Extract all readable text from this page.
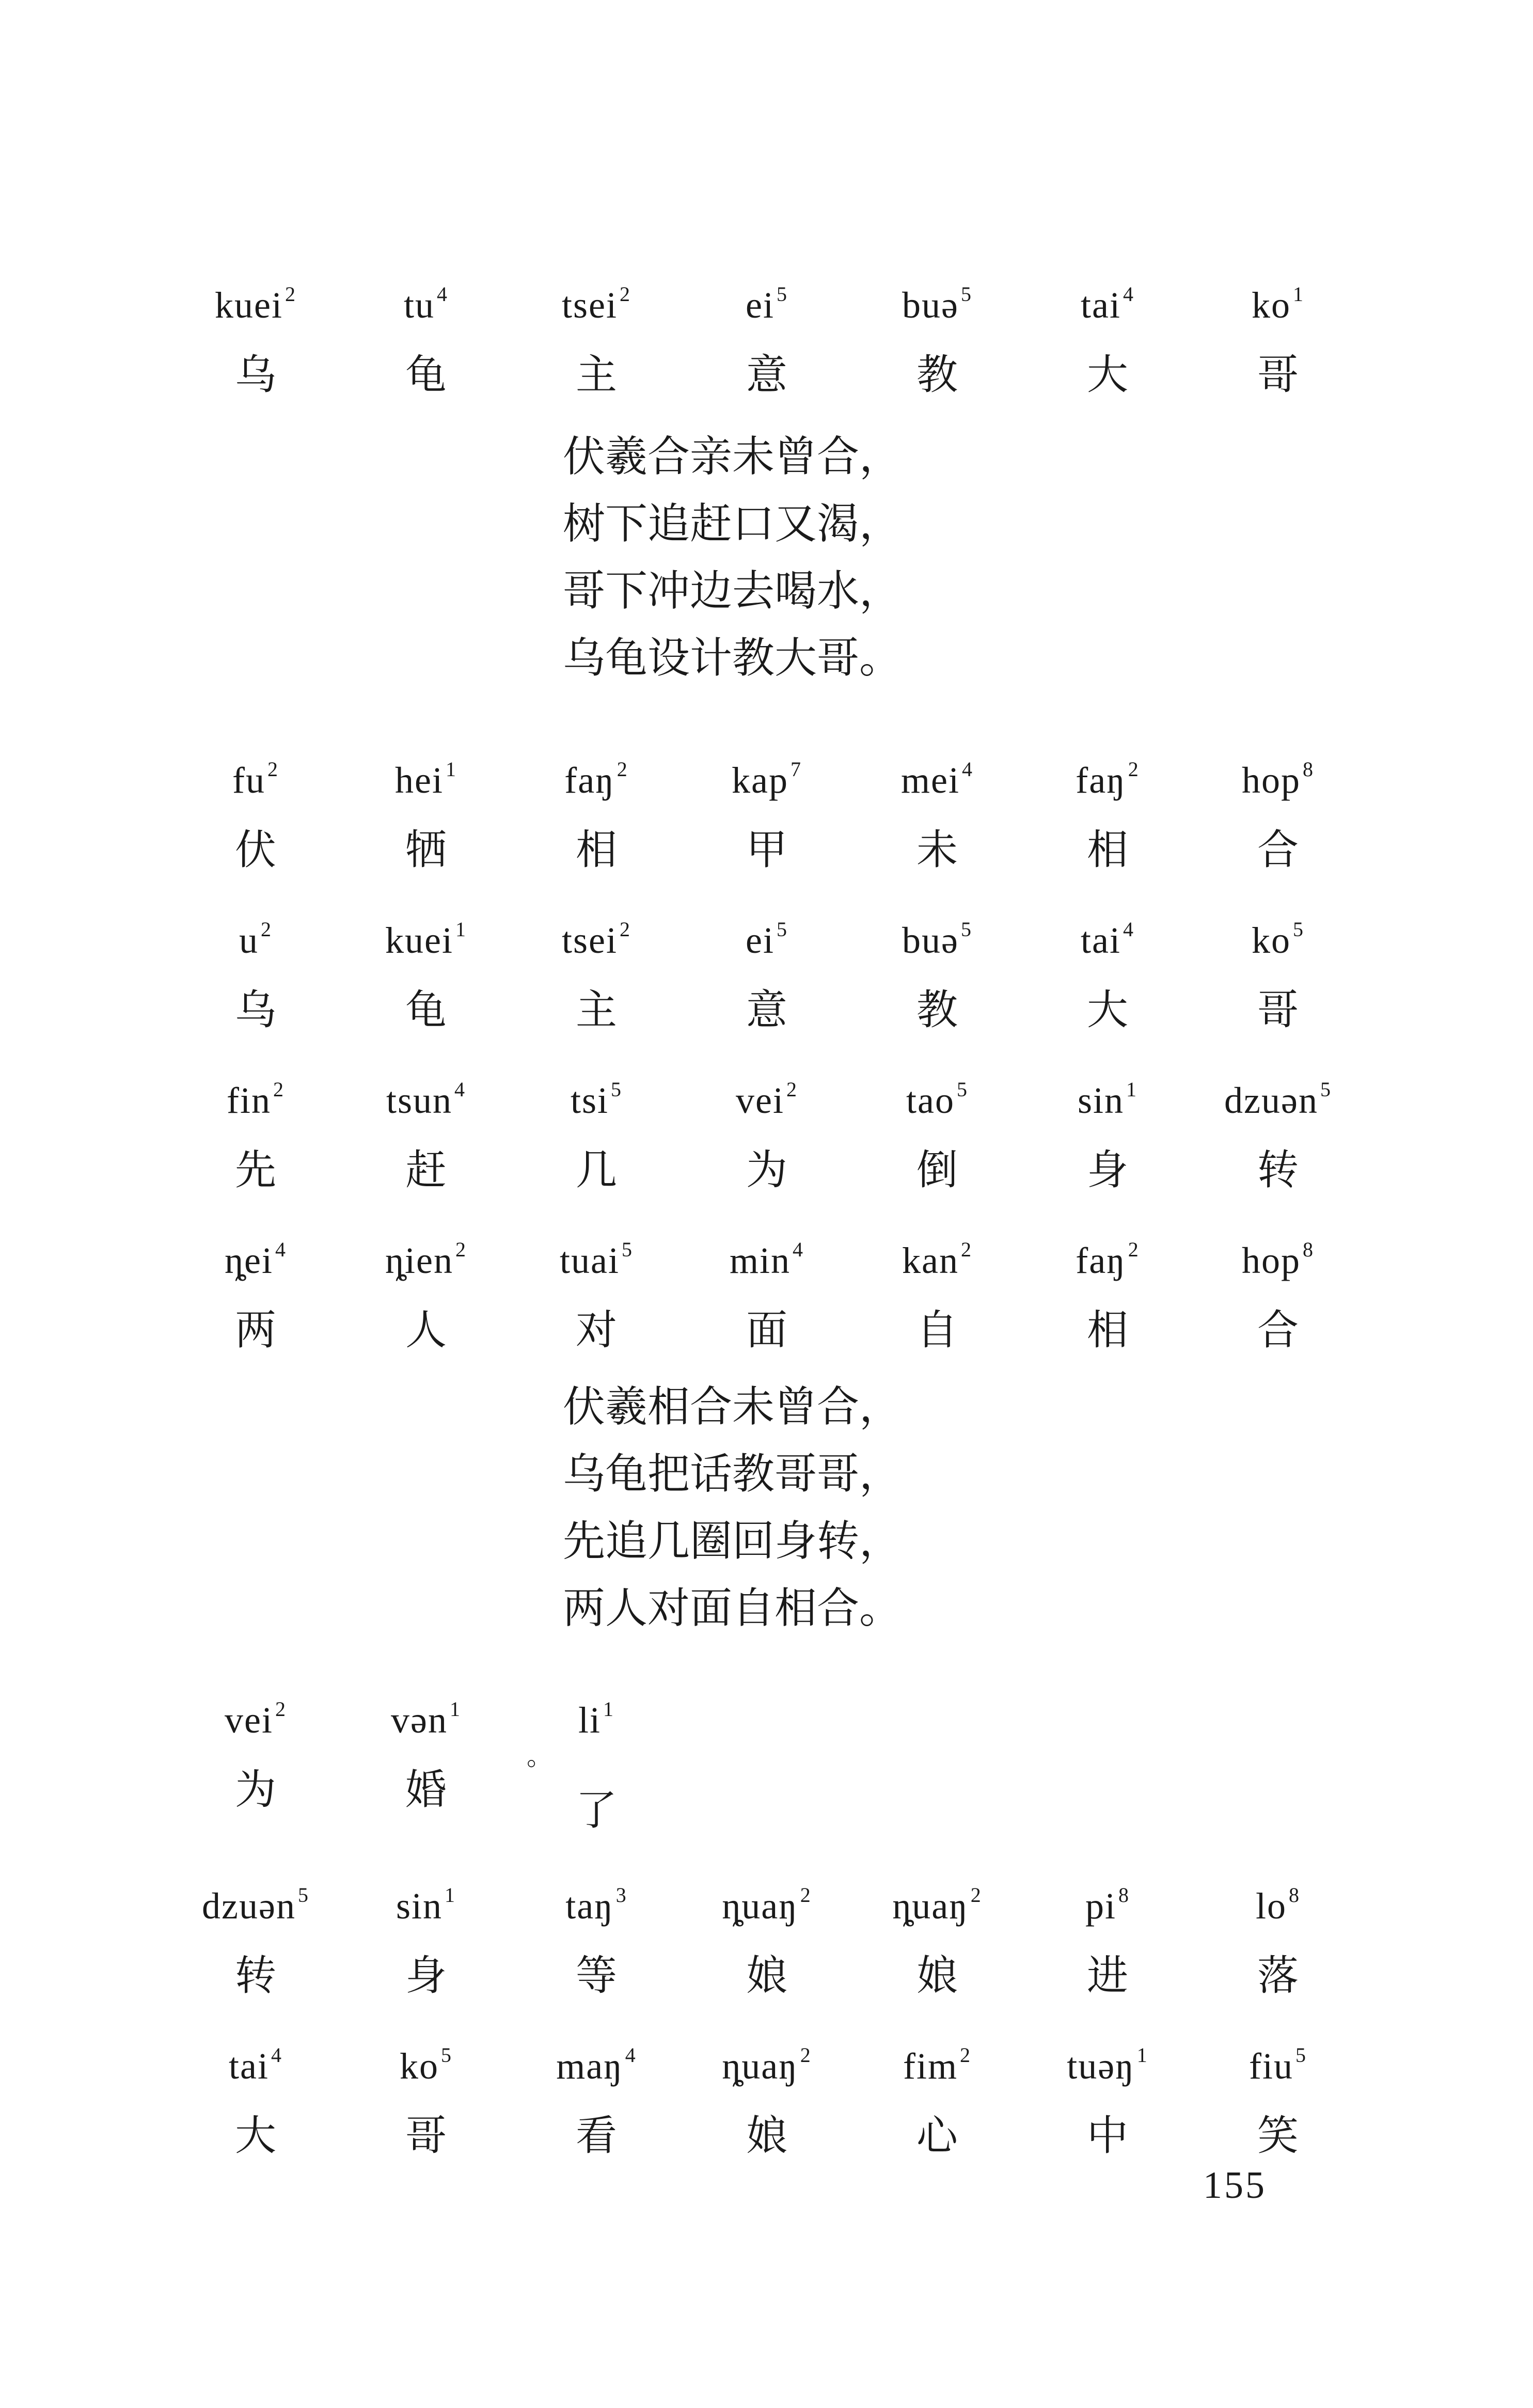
kuei $^2$
乌
tu $^4$
龟
tsei $^2$
主
ei $^5$
意
buə $^5$
教
tai $^4$
大
ko $^1$
哥
伏羲合亲未曾合，
树下追赶口又渴，
哥下冲边去喝水，
乌龟设计教大哥。
fu $^2$
伏
hei $^1$
牺
faŋ $^2$
相
kap $^7$
甲
mei $^4$
未
faŋ $^2$
相
hop $^8$
合
u $^2$
乌
kuei $^1$
龟
tsei $^2$
主
ei $^5$
意
buə $^5$
教
tai $^4$
大
ko $^5$
哥
fin $^2$
先
tsun $^4$
赶
tsi $^5$
几
vei $^2$
为
tao $^5$
倒
sin $^1$
身
dzuən $^5$
转
ȵei $^4$
两
ȵien $^2$
人
tuai $^5$
对
min $^4$
面
kan $^2$
自
faŋ $^2$
相
hop $^8$
合
伏羲相合未曾合，
乌龟把话教哥哥，
先追几圈回身转，
两人对面自相合。
vei $^2$
为
vən $^1$
婚
li $^1$
。
了
dzuən $^5$
转
sin $^1$
身
taŋ $^3$
等
ȵuaŋ $^2$
娘
ȵuaŋ $^2$
娘
pi $^8$
进
lo $^8$
落
tai $^4$
大
ko $^5$
哥
maŋ $^4$
看
ȵuaŋ $^2$
娘
fim $^2$
心
tuəŋ $^1$
中
fiu $^5$
笑
155
